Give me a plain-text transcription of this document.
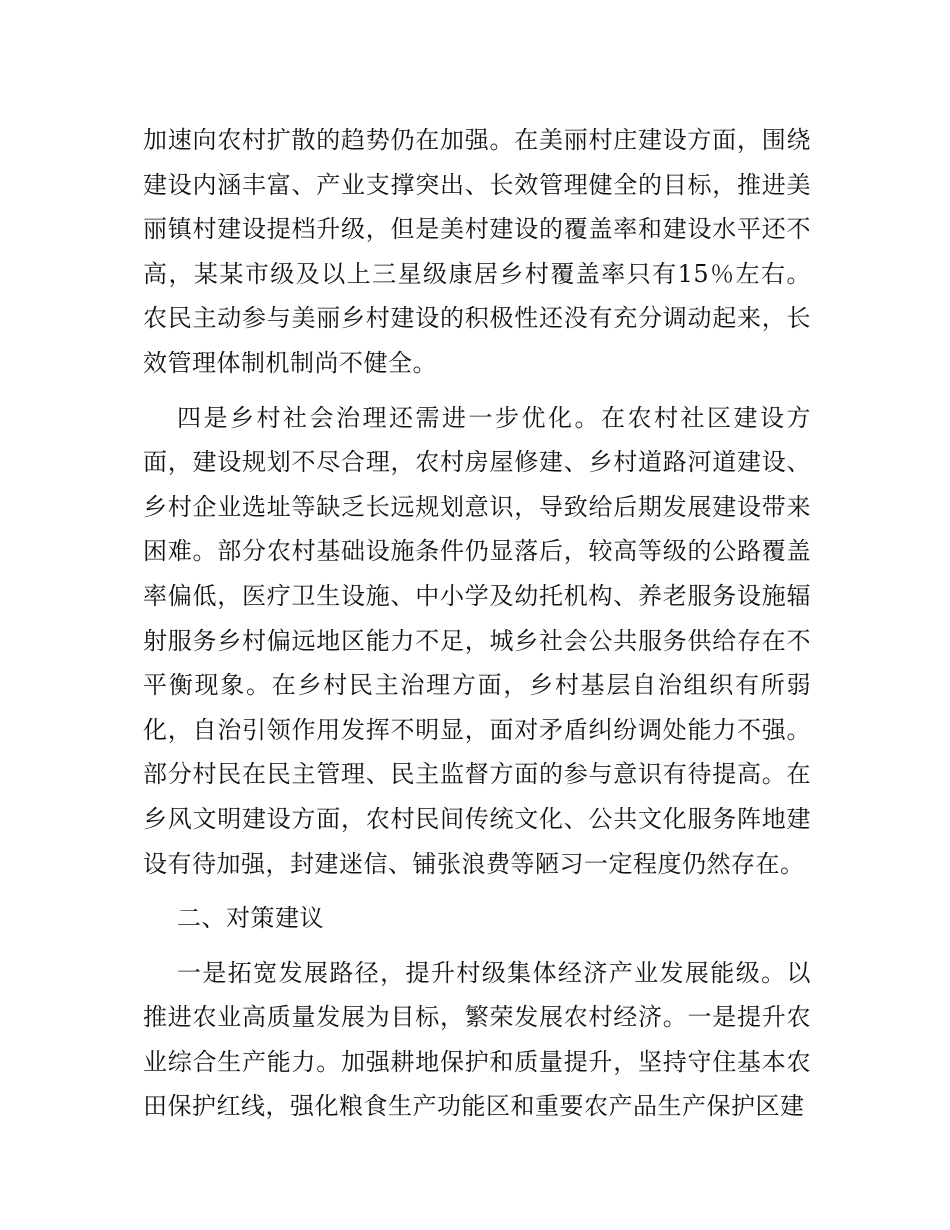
加速向农村扩散的趋势仍在加强。在美丽村庄建设方面，围绕建设内涵丰富、产业支撑突出、长效管理健全的目标，推进美丽镇村建设提档升级，但是美村建设的覆盖率和建设水平还不高，某某市级及以上三星级康居乡村覆盖率只有15％左右。农民主动参与美丽乡村建设的积极性还没有充分调动起来，长效管理体制机制尚不健全。

四是乡村社会治理还需进一步优化。在农村社区建设方面，建设规划不尽合理，农村房屋修建、乡村道路河道建设、乡村企业选址等缺乏长远规划意识，导致给后期发展建设带来困难。部分农村基础设施条件仍显落后，较高等级的公路覆盖率偏低，医疗卫生设施、中小学及幼托机构、养老服务设施辐射服务乡村偏远地区能力不足，城乡社会公共服务供给存在不平衡现象。在乡村民主治理方面，乡村基层自治组织有所弱化，自治引领作用发挥不明显，面对矛盾纠纷调处能力不强。部分村民在民主管理、民主监督方面的参与意识有待提高。在乡风文明建设方面，农村民间传统文化、公共文化服务阵地建设有待加强，封建迷信、铺张浪费等陋习一定程度仍然存在。

二、对策建议

一是拓宽发展路径，提升村级集体经济产业发展能级。以推进农业高质量发展为目标，繁荣发展农村经济。一是提升农业综合生产能力。加强耕地保护和质量提升，坚持守住基本农田保护红线，强化粮食生产功能区和重要农产品生产保护区建
